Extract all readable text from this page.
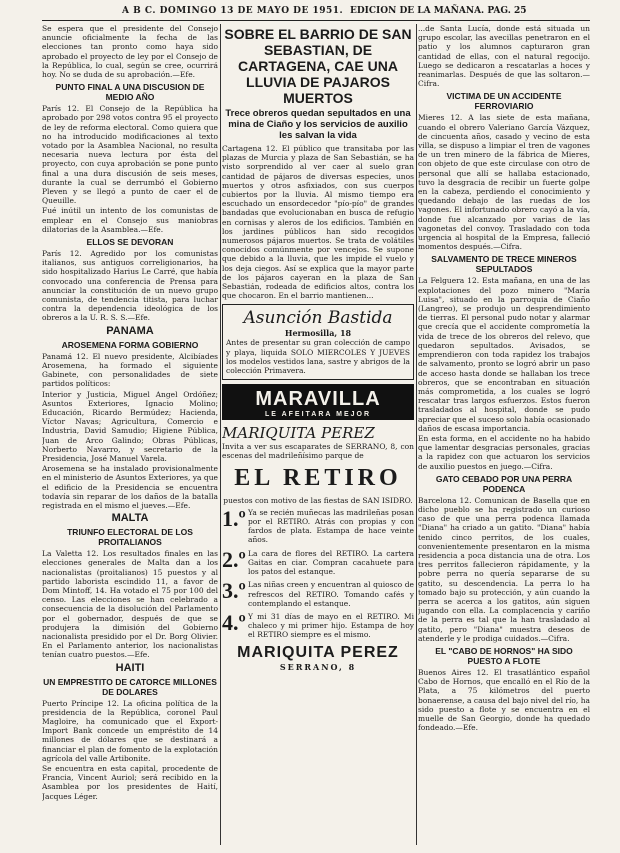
A B C. DOMINGO 13 DE MAYO DE 1951. EDICION DE LA MAÑANA. PAG. 25

Se espera que el presidente del Consejo anuncie oficialmente la fecha de las elecciones tan pronto como haya sido aprobado el proyecto de ley por el Consejo de la República, lo cual, según se cree, ocurrirá hoy. No se duda de su aprobación.—Efe.

PUNTO FINAL A UNA DISCUSION DE MEDIO AÑO

París 12. El Consejo de la República ha aprobado por 298 votos contra 95 el proyecto de ley de reforma electoral. Como quiera que no ha introducido modificaciones al texto votado por la Asamblea Nacional, no resulta necesaria nueva lectura por ésta del proyecto, con cuya aprobación se pone punto final a una dura discusión de seis meses, durante la cual se derrumbó el Gobierno Pleven y se llegó a punto de caer el de Queuille.

Fué inútil un intento de los comunistas de emplear en el Consejo sus maniobras dilatorias de la Asamblea.—Efe.

ELLOS SE DEVORAN

París 12. Agredido por los comunistas italianos, sus antiguos correligionarios, ha sido hospitalizado Harius Le Carré, que había convocado una conferencia de Prensa para anunciar la constitución de un nuevo grupo comunista, de tendencia titista, para luchar contra la dependencia ideológica de los obreros a la U. R. S. S.—Efe.

PANAMA
AROSEMENA FORMA GOBIERNO

Panamá 12. El nuevo presidente, Alcibíades Arosemena, ha formado el siguiente Gabinete, con personalidades de siete partidos políticos:

Interior y Justicia, Miguel Angel Ordóñez; Asuntos Exteriores, Ignacio Molino; Educación, Ricardo Bermúdez; Hacienda, Víctor Navas; Agricultura, Comercio e Industria, David Samudio; Higiene Pública, Juan de Arco Galindo; Obras Públicas, Norberto Navarro, y secretario de la Presidencia, José Manuel Varela.

Arosemena se ha instalado provisionalmente en el ministerio de Asuntos Exteriores, ya que el edificio de la Presidencia se encuentra todavía sin reparar de los daños de la batalla registrada en el mismo el jueves.—Efe.

MALTA
TRIUNFO ELECTORAL DE LOS PROITALIANOS

La Valetta 12. Los resultados finales en las elecciones generales de Malta dan a los nacionalistas (proitalianos) 15 puestos y al partido laborista escindido 11, a favor de Dom Mintoff, 14. Ha votado el 75 por 100 del censo. Las elecciones se han celebrado a consecuencia de la disolución del Parlamento por el gobernador, después de que se produjera la dimisión del Gobierno nacionalista presidido por el Dr. Borg Olivier. En el Parlamento anterior, los nacionalistas tenían cuatro puestos.—Efe.

HAITI
UN EMPRESTITO DE CATORCE MILLONES DE DOLARES

Puerto Príncipe 12. La oficina política de la presidencia de la República, coronel Paul Magloire, ha comunicado que el Export-Import Bank concede un empréstito de 14 millones de dólares que se destinará a financiar el plan de fomento de la explotación agrícola del valle Artibonite.

Se encuentra en esta capital, procedente de Francia, Vincent Auriol; será recibido en la Asamblea por los presidentes de Haití, Jacques Léger.

SOBRE EL BARRIO DE SAN SEBASTIAN, DE CARTAGENA, CAE UNA LLUVIA DE PAJAROS MUERTOS
Trece obreros quedan sepultados en una mina de Ciaño y los servicios de auxilio les salvan la vida

Cartagena 12. El público que transitaba por las plazas de Murcia y plaza de San Sebastián, se ha visto sorprendido al ver caer al suelo gran cantidad de pájaros de diversas especies, unos muertos y otros asfixiados, con sus cuerpos cubiertos por la lluvia. Al mismo tiempo era escuchado un ensordecedor "pío-pío" de grandes bandadas que evolucionaban en busca de refugio en cornisas y aleros de los edificios. También en los jardines públicos han sido recogidos numerosos pájaros muertos. Se trata de volátiles conocidos comúnmente por vencejos. Se supone que debido a la lluvia, que les impide el vuelo y los deja ciegos. Así se explica que la mayor parte de los pájaros cayeran en la plaza de San Sebastián, rodeada de edificios altos, contra los que chocaron. En el barrio mantienen...

Asunción Bastida
Hermosilla, 18

Antes de presentar su gran colección de campo y playa, liquida SOLO MIERCOLES Y JUEVES los modelos vestidos lana, sastre y abrigos de la colección Primavera.

MARAVILLA
LE AFEITARA MEJOR
MARIQUITA PEREZ

Invita a ver sus escaparates de SERRANO, 8, con escenas del madrileñísimo parque de

EL RETIRO

puestos con motivo de las fiestas de SAN ISIDRO.

1.º Ya se recién muñecas las madrileñas posan por el RETIRO. Atrás con propias y con fardos de plata. Estampa de hace veinte años.

2.º La cara de flores del RETIRO. La cartera Gaitas en ciar. Compran cacahuete para los patos del estanque.

3.º Las niñas creen y encuentran al quiosco de refrescos del RETIRO. Tomando cafés y contemplando el estanque.

4.º Y mi 31 días de mayo en el RETIRO. Mi chaleco y mi primer hijo. Estampa de hoy el RETIRO siempre es el mismo.

MARIQUITA PEREZ
SERRANO, 8

...de Santa Lucía, donde está situada un grupo escolar, las avecillas penetraron en el patio y los alumnos capturaron gran cantidad de ellas, con el natural regocijo. Luego se dedicaron a rescatarlas a hoces y reanimarlas. Después de que las soltaron.—Cifra.

VICTIMA DE UN ACCIDENTE FERROVIARIO

Mieres 12. A las siete de esta mañana, cuando el obrero Valeriano García Vázquez, de cincuenta años, casado y vecino de esta villa, se dispuso a limpiar el tren de vagones de un tren minero de la fábrica de Mieres, con objeto de que este circulase con otro de personal que allí se hallaba estacionado, tuvo la desgracia de recibir un fuerte golpe en la cabeza, perdiendo el conocimiento y quedando debajo de las ruedas de los vagones. El infortunado obrero cayó a la vía, donde fue alcanzado por varias de las vagonetas del convoy. Trasladado con toda urgencia al hospital de la Empresa, falleció momentos después.—Cifra.

SALVAMENTO DE TRECE MINEROS SEPULTADOS

La Felguera 12. Esta mañana, en una de las explotaciones del pozo minero "María Luisa", situado en la parroquia de Ciaño (Langreo), se produjo un desprendimiento de tierras. El personal pudo notar y alarmar que crecía que el accidente comprometía la vida de trece de los obreros del relevo, que quedaron sepultados. Avisados, se emprendieron con toda rapidez los trabajos de salvamento, pronto se logró abrir un paso de acceso hasta donde se hallaban los trece obreros, que se encontraban en situación más comprometida, a los cuales se logró rescatar tras largos esfuerzos. Estos fueron trasladados al hospital, donde se pudo apreciar que el suceso solo había ocasionado daños de escasa importancia.

En esta forma, en el accidente no ha habido que lamentar desgracias personales, gracias a la rapidez con que actuaron los servicios de auxilio puestos en juego.—Cifra.

GATO CEBADO POR UNA PERRA PODENCA

Barcelona 12. Comunican de Basella que en dicho pueblo se ha registrado un curioso caso de que una perra podenca llamada "Diana" ha criado a un gatito. "Diana" había tenido cinco perritos, de los cuales, convenientemente presentaron en la misma residencia a poca distancia una de otra. Los tres perritos fallecieron rápidamente, y la pobre perra no quería separarse de su gatito, su descendencia. La perra lo ha tomado bajo su protección, y aún cuando la perra se acerca a los gatitos, aún siguen jugando con ella. La complacencia y cariño de la perra es tal que la han trasladado al gatito, pero "Diana" muestra deseos de atenderle y le prodiga cuidados.—Cifra.

EL "CABO DE HORNOS" HA SIDO PUESTO A FLOTE

Buenos Aires 12. El trasatlántico español Cabo de Hornos, que encalló en el Río de la Plata, a 75 kilómetros del puerto bonaerense, a causa del bajo nivel del río, ha sido puesto a flote y se encuentra en el muelle de San Georgio, donde ha quedado fondeado.—Efe.
